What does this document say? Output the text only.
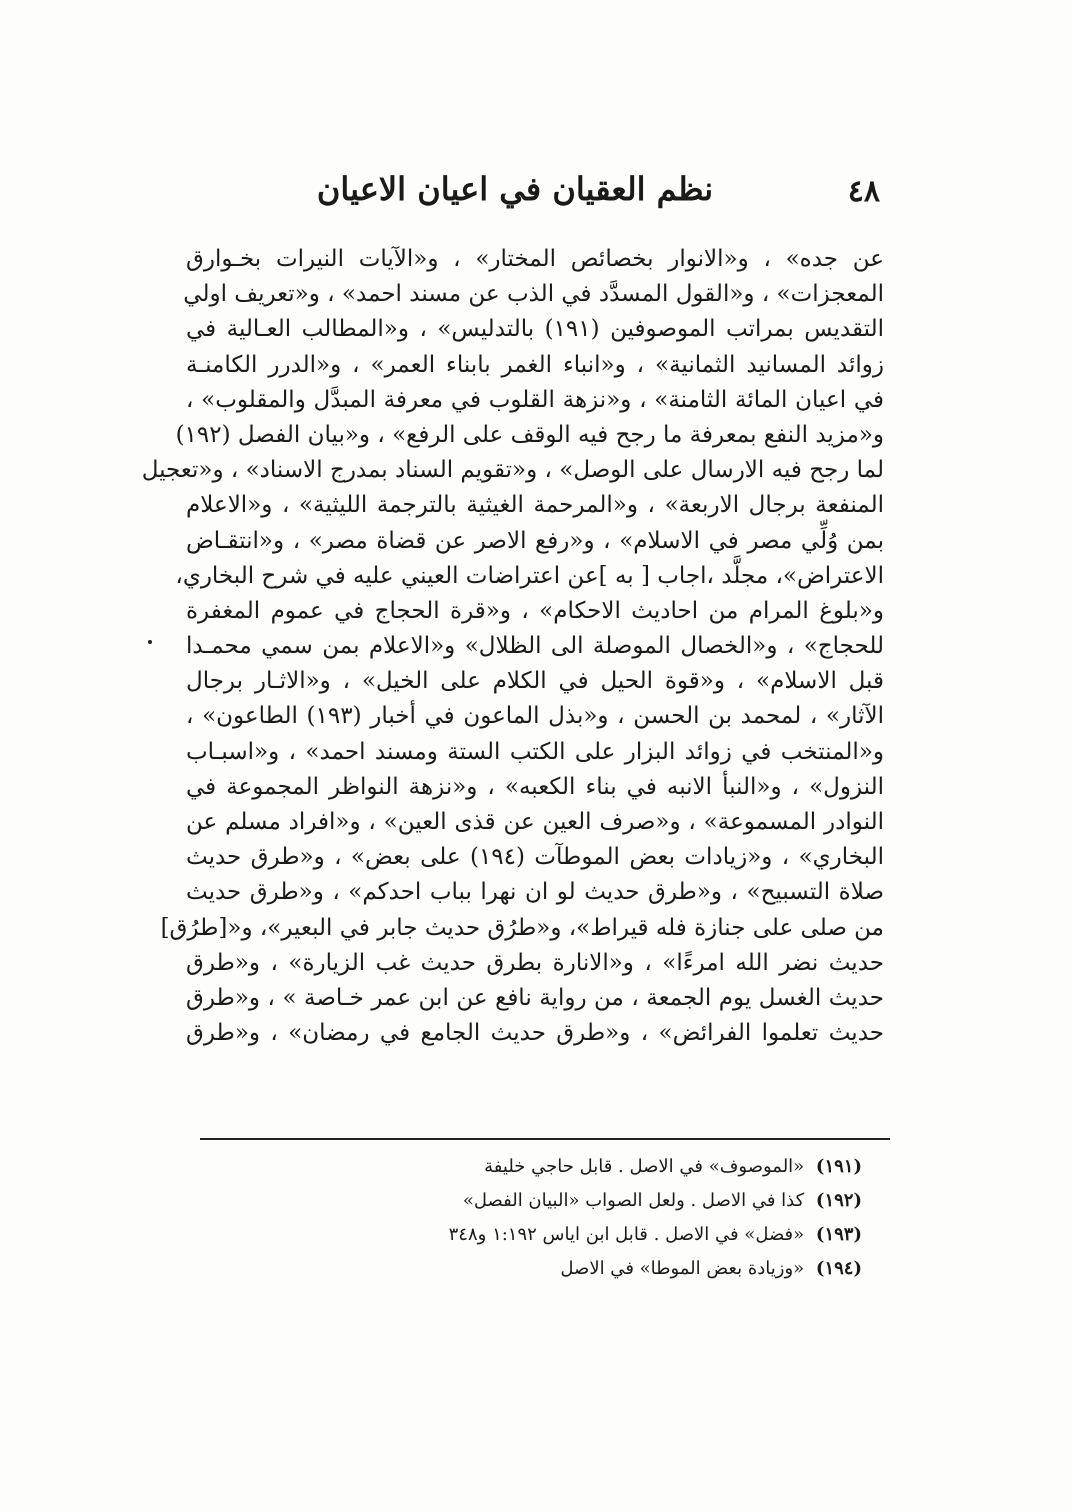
٤٨
نظم العقيان في اعيان الاعيان
عن جده» ، و«الانوار بخصائص المختار» ، و«الآيات النيرات بخـوارق
المعجزات» ، و«القول المسدَّد في الذب عن مسند احمد» ، و«تعريف اولي
التقديس بمراتب الموصوفين (١٩١) بالتدليس» ، و«المطالب العـالية في
زوائد المسانيد الثمانية» ، و«انباء الغمر بابناء العمر» ، و«الدرر الكامنـة
في اعيان المائة الثامنة» ، و«نزهة القلوب في معرفة المبدَّل والمقلوب» ،
و«مزيد النفع بمعرفة ما رجح فيه الوقف على الرفع» ، و«بيان الفصل (١٩٢)
لما رجح فيه الارسال على الوصل» ، و«تقويم السناد بمدرج الاسناد» ، و«تعجيل
المنفعة برجال الاربعة» ، و«المرحمة الغيثية بالترجمة الليثية» ، و«الاعلام
بمن وُلِّي مصر في الاسلام» ، و«رفع الاصر عن قضاة مصر» ، و«انتقـاض
الاعتراض»، مجلَّد ،اجاب [ به ]عن اعتراضات العيني عليه في شرح البخاري،
و«بلوغ المرام من احاديث الاحكام» ، و«قرة الحجاج في عموم المغفرة
للحجاج» ، و«الخصال الموصلة الى الظلال» و«الاعلام بمن سمي محمـدا
قبل الاسلام» ، و«قوة الحيل في الكلام على الخيل» ، و«الاثـار برجال
الآثار» ، لمحمد بن الحسن ، و«بذل الماعون في أخبار (١٩٣) الطاعون» ،
و«المنتخب في زوائد البزار على الكتب الستة ومسند احمد» ، و«اسبـاب
النزول» ، و«النبأ الانبه في بناء الكعبه» ، و«نزهة النواظر المجموعة في
النوادر المسموعة» ، و«صرف العين عن قذى العين» ، و«افراد مسلم عن
البخاري» ، و«زيادات بعض الموطآت (١٩٤) على بعض» ، و«طرق حديث
صلاة التسبيح» ، و«طرق حديث لو ان نهرا بباب احدكم» ، و«طرق حديث
من صلى على جنازة فله قيراط»، و«طرُق حديث جابر في البعير»، و«[طرُق]
حديث نضر الله امرءًا» ، و«الانارة بطرق حديث غب الزيارة» ، و«طرق
حديث الغسل يوم الجمعة ، من رواية نافع عن ابن عمر خـاصة » ، و«طرق
حديث تعلموا الفرائض» ، و«طرق حديث الجامع في رمضان» ، و«طرق
(١٩١) «الموصوف» في الاصل . قابل حاجي خليفة
(١٩٢) كذا في الاصل . ولعل الصواب «البيان الفصل»
(١٩٣) «فضل» في الاصل . قابل ابن اياس ١:١٩٢ و٣٤٨
(١٩٤) «وزيادة بعض الموطا» في الاصل
